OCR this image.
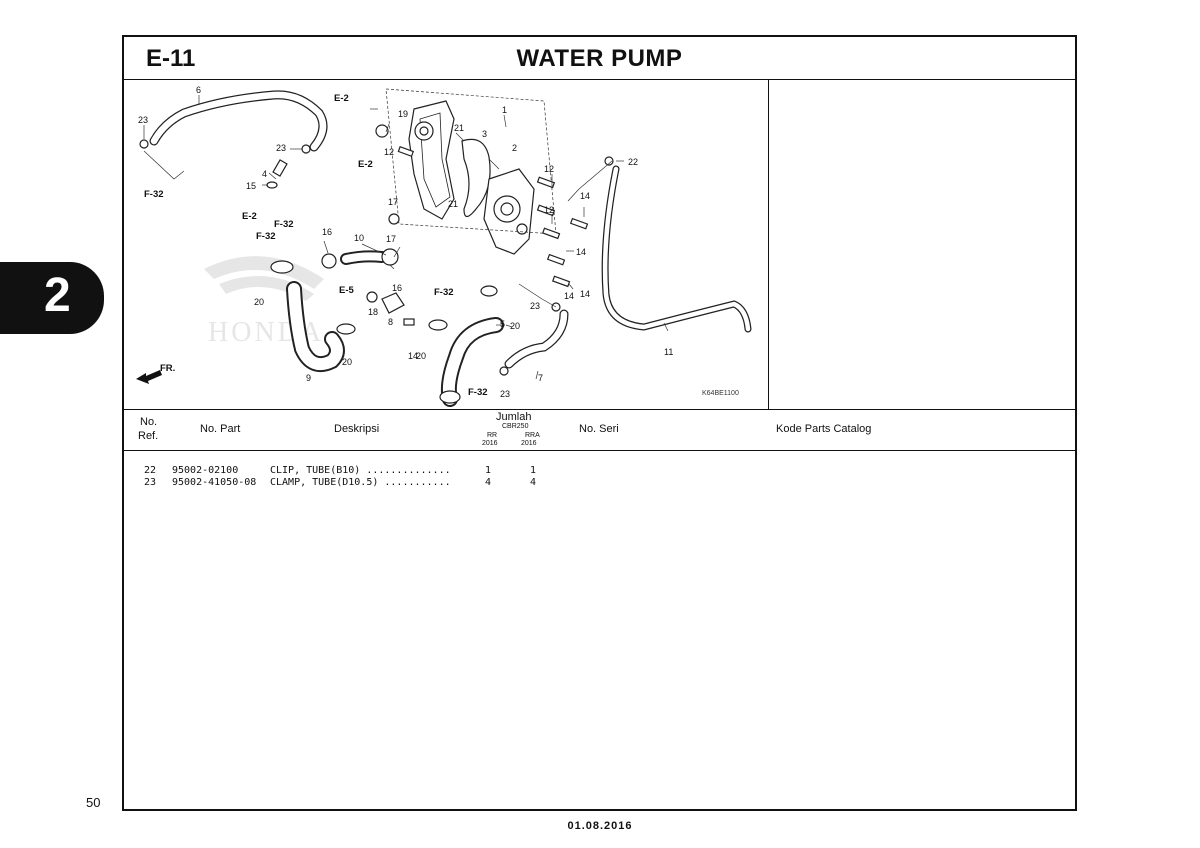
2
50
E-11	WATER PUMP
HONDA
FR.
6
23
23
4
15
16
10 17
16
20
9
18
8
20
14
20
19
12
17
1
21
21
3
2
12
12
14
14
14
14
22
20
5
23
7
23
11
E-2
E-2
E-2
E-5
F-32
F-32
F-32
F-32
F-32	K64BE1100
No.
Ref.
No. Part	Deskripsi
Jumlah
CBR250
RR
2016
RRA
2016
No. Seri	Kode Parts Catalog
22 95002-02100	CLIP, TUBE(B10) ..............	1	1
23 95002-41050-08 CLAMP, TUBE(D10.5) ...........	4	4
01.08.2016
